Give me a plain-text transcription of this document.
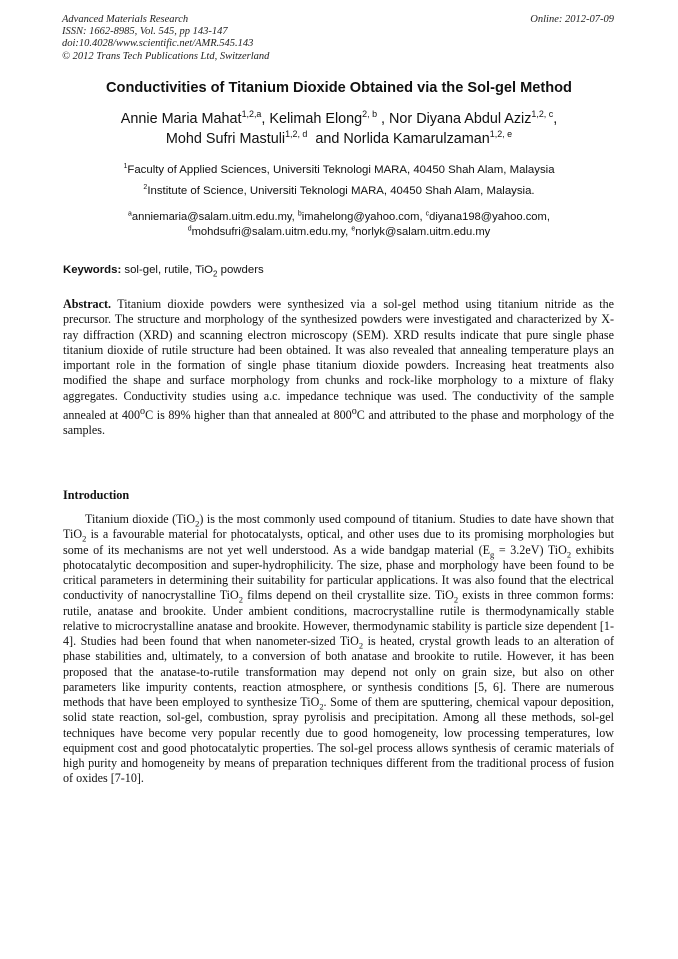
Advanced Materials Research
ISSN: 1662-8985, Vol. 545, pp 143-147
doi:10.4028/www.scientific.net/AMR.545.143
© 2012 Trans Tech Publications Ltd, Switzerland
Online: 2012-07-09
Conductivities of Titanium Dioxide Obtained via the Sol-gel Method
Annie Maria Mahat$^{1,2,a}$, Kelimah Elong$^{2, b}$ , Nor Diyana Abdul Aziz$^{1,2, c}$,
Mohd Sufri Mastuli$^{1,2, d}$ and Norlida Kamarulzaman$^{1,2, e}$
$^1$Faculty of Applied Sciences, Universiti Teknologi MARA, 40450 Shah Alam, Malaysia
$^2$Institute of Science, Universiti Teknologi MARA, 40450 Shah Alam, Malaysia.
$^a$anniemaria@salam.uitm.edu.my, $^b$imahelong@yahoo.com, $^c$diyana198@yahoo.com,
$^d$mohdsufri@salam.uitm.edu.my, $^e$norlyk@salam.uitm.edu.my
Keywords: sol-gel, rutile, TiO$_2$ powders
Abstract. Titanium dioxide powders were synthesized via a sol-gel method using titanium nitride as the precursor. The structure and morphology of the synthesized powders were investigated and characterized by X-ray diffraction (XRD) and scanning electron microscopy (SEM). XRD results indicate that pure single phase titanium dioxide of rutile structure had been obtained. It was also revealed that annealing temperature plays an important role in the formation of single phase titanium dioxide powders. Increasing heat treatments also modified the shape and surface morphology from chunks and rock-like morphology to a mixture of flaky aggregates. Conductivity studies using a.c. impedance technique was used. The conductivity of the sample annealed at 400$^o$C is 89% higher than that annealed at 800$^o$C and attributed to the phase and morphology of the samples.
Introduction
Titanium dioxide (TiO$_2$) is the most commonly used compound of titanium. Studies to date have shown that TiO$_2$ is a favourable material for photocatalysts, optical, and other uses due to its promising morphologies but some of its mechanisms are not yet well understood. As a wide bandgap material $(E_g = 3.2eV)$ TiO$_2$ exhibits photocatalytic decomposition and super-hydrophilicity. The size, phase and morphology have been found to be critical parameters in determining their suitability for particular applications. It was also found that the electrical conductivity of nanocrystalline TiO$_2$ films depend on theil crystallite size. TiO$_2$ exists in three common forms: rutile, anatase and brookite. Under ambient conditions, macrocrystalline rutile is thermodynamically stable relative to microcrystalline anatase and brookite. However, thermodynamic stability is particle size dependent [1-4]. Studies had been found that when nanometer-sized TiO$_2$ is heated, crystal growth leads to an alteration of phase stabilities and, ultimately, to a conversion of both anatase and brookite to rutile. However, it has been proposed that the anatase-to-rutile transformation may depend not only on grain size, but also on other parameters like impurity contents, reaction atmosphere, or synthesis conditions [5, 6]. There are numerous methods that have been employed to synthesize TiO$_2$. Some of them are sputtering, chemical vapour deposition, solid state reaction, sol-gel, combustion, spray pyrolisis and precipitation. Among all these methods, sol-gel techniques have become very popular recently due to good homogeneity, low processing temperatures, low equipment cost and good photocatalytic properties. The sol-gel process allows synthesis of ceramic materials of high purity and homogeneity by means of preparation techniques different from the traditional process of fusion of oxides [7-10].
